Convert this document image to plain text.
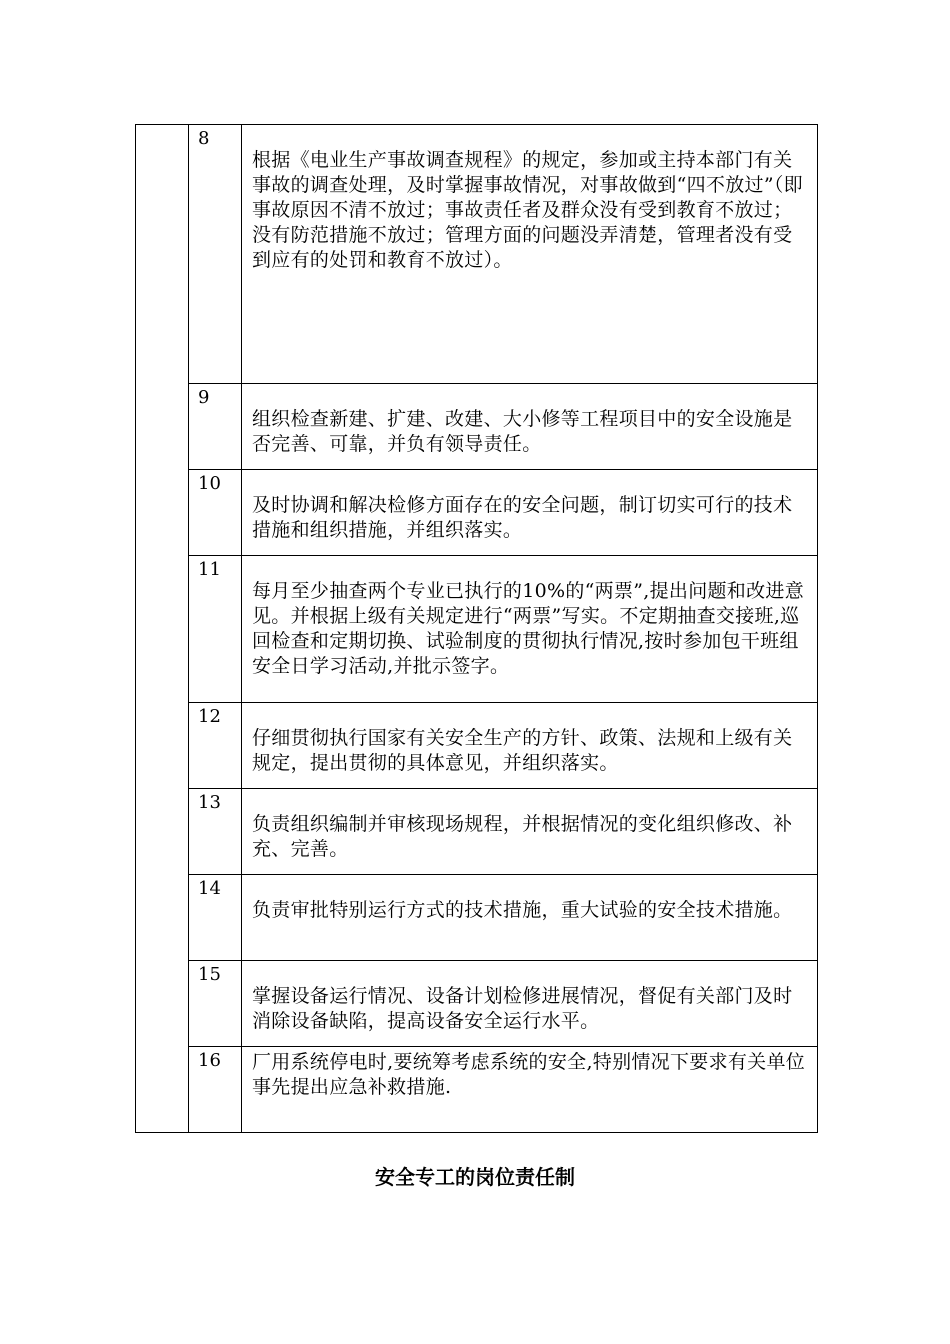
	8	根据《电业生产事故调查规程》的规定，参加或主持本部门有关事故的调查处理，及时掌握事故情况，对事故做到“四不放过”（即事故原因不清不放过；事故责任者及群众没有受到教育不放过；没有防范措施不放过；管理方面的问题没弄清楚，管理者没有受到应有的处罚和教育不放过）。
	9	组织检查新建、扩建、改建、大小修等工程项目中的安全设施是否完善、可靠，并负有领导责任。
	10	及时协调和解决检修方面存在的安全问题，制订切实可行的技术措施和组织措施，并组织落实。
	11	每月至少抽查两个专业已执行的10%的“两票”,提出问题和改进意见。并根据上级有关规定进行“两票”写实。不定期抽查交接班,巡回检查和定期切换、试验制度的贯彻执行情况,按时参加包干班组安全日学习活动,并批示签字。
	12	仔细贯彻执行国家有关安全生产的方针、政策、法规和上级有关规定，提出贯彻的具体意见，并组织落实。
	13	负责组织编制并审核现场规程，并根据情况的变化组织修改、补充、完善。
	14	负责审批特别运行方式的技术措施，重大试验的安全技术措施。
	15	掌握设备运行情况、设备计划检修进展情况，督促有关部门及时消除设备缺陷，提高设备安全运行水平。
	16	厂用系统停电时,要统筹考虑系统的安全,特别情况下要求有关单位事先提出应急补救措施.
安全专工的岗位责任制
